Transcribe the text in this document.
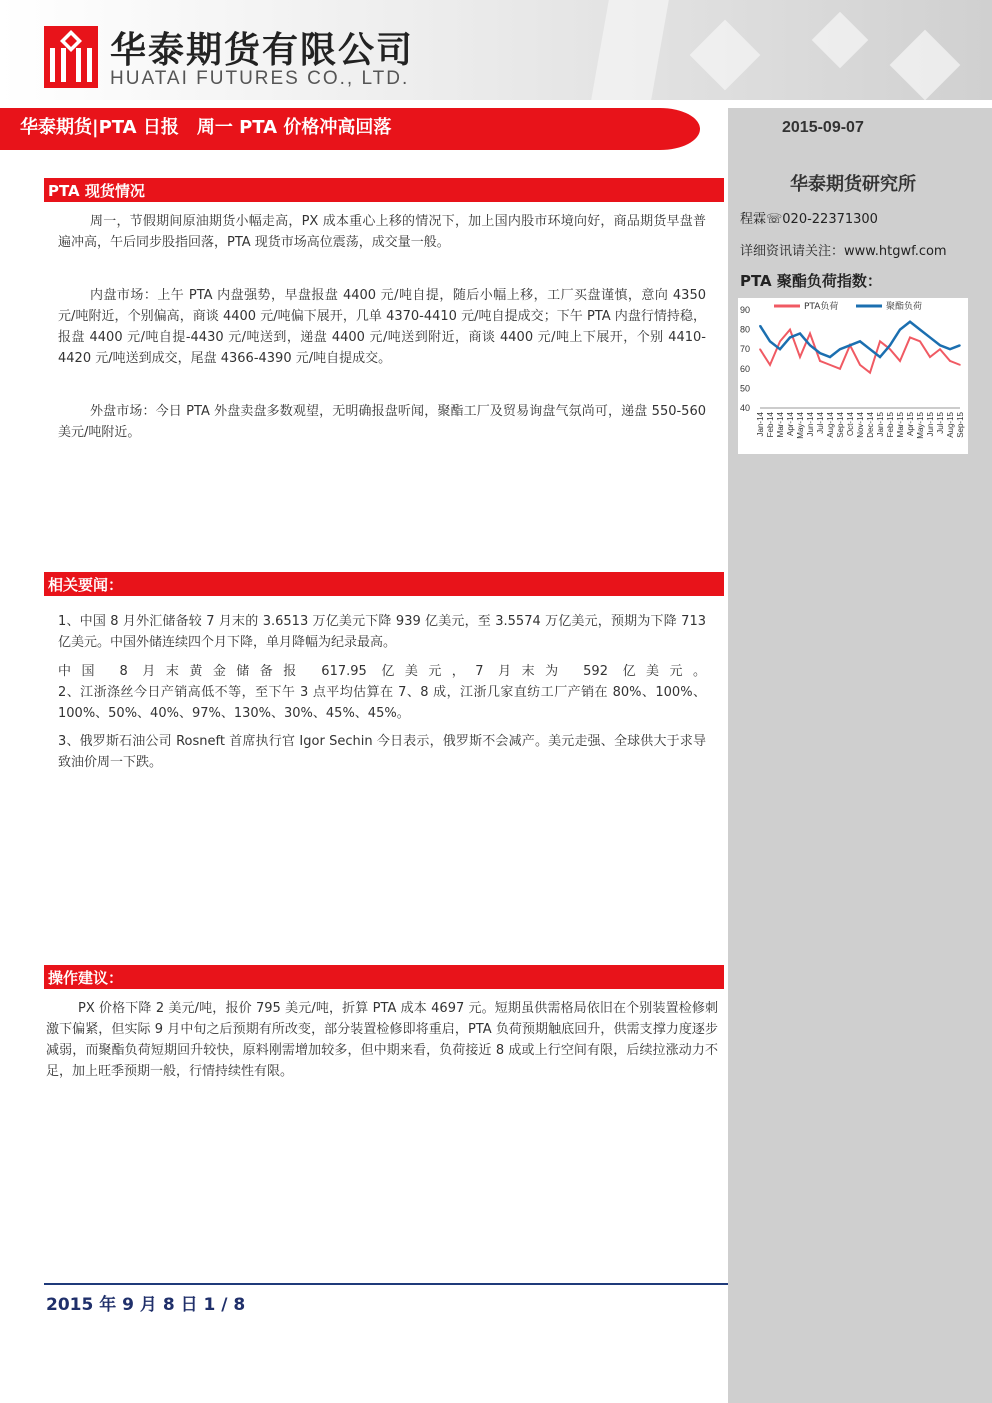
华泰期货有限公司
HUATAI FUTURES CO., LTD.
华泰期货|PTA 日报　周一 PTA 价格冲高回落	2015-09-07
华泰期货研究所
程霖☏020-22371300
详细资讯请关注：www.htgwf.com
PTA 聚酯负荷指数：
40
50
60
70
80
90
Jan-14 Feb-14 Mar-14 Apr-14 May-14 Jun-14 Jul-14 Aug-14 Sep-14 Oct-14 Nov-14 Dec-14 Jan-15 Feb-15 Mar-15 Apr-15 May-15 Jun-15 Jul-15 Aug-15 Sep-15
PTA负荷	聚酯负荷
PTA 现货情况
周一，节假期间原油期货小幅走高，PX 成本重心上移的情况下，加上国内股市环境向好，商品期货早盘普遍冲高，午后同步股指回落，PTA 现货市场高位震荡，成交量一般。
内盘市场：上午 PTA 内盘强势，早盘报盘 4400 元/吨自提，随后小幅上移，工厂买盘谨慎，意向 4350 元/吨附近，个别偏高，商谈 4400 元/吨偏下展开，几单 4370-4410 元/吨自提成交；下午 PTA 内盘行情持稳，报盘 4400 元/吨自提-4430 元/吨送到，递盘 4400 元/吨送到附近，商谈 4400 元/吨上下展开，个别 4410-4420 元/吨送到成交，尾盘 4366-4390 元/吨自提成交。
外盘市场：今日 PTA 外盘卖盘多数观望，无明确报盘听闻，聚酯工厂及贸易询盘气氛尚可，递盘 550-560 美元/吨附近。
相关要闻：
1、中国 8 月外汇储备较 7 月末的 3.6513 万亿美元下降 939 亿美元，至 3.5574 万亿美元，预期为下降 713 亿美元。中国外储连续四个月下降，单月降幅为纪录最高。
中国 8 月末黄金储备报 617.95 亿美元，7 月末为 592 亿美元。
2、江浙涤丝今日产销高低不等，至下午 3 点平均估算在 7、8 成，江浙几家直纺工厂产销在 80%、100%、100%、50%、40%、97%、130%、30%、45%、45%。
3、俄罗斯石油公司 Rosneft 首席执行官 Igor Sechin 今日表示，俄罗斯不会减产。美元走强、全球供大于求导致油价周一下跌。
操作建议：
PX 价格下降 2 美元/吨，报价 795 美元/吨，折算 PTA 成本 4697 元。短期虽供需格局依旧在个别装置检修刺激下偏紧，但实际 9 月中旬之后预期有所改变，部分装置检修即将重启，PTA 负荷预期触底回升，供需支撑力度逐步减弱，而聚酯负荷短期回升较快，原料刚需增加较多，但中期来看，负荷接近 8 成或上行空间有限，后续拉涨动力不足，加上旺季预期一般，行情持续性有限。
2015 年 9 月 8 日 1 / 8
